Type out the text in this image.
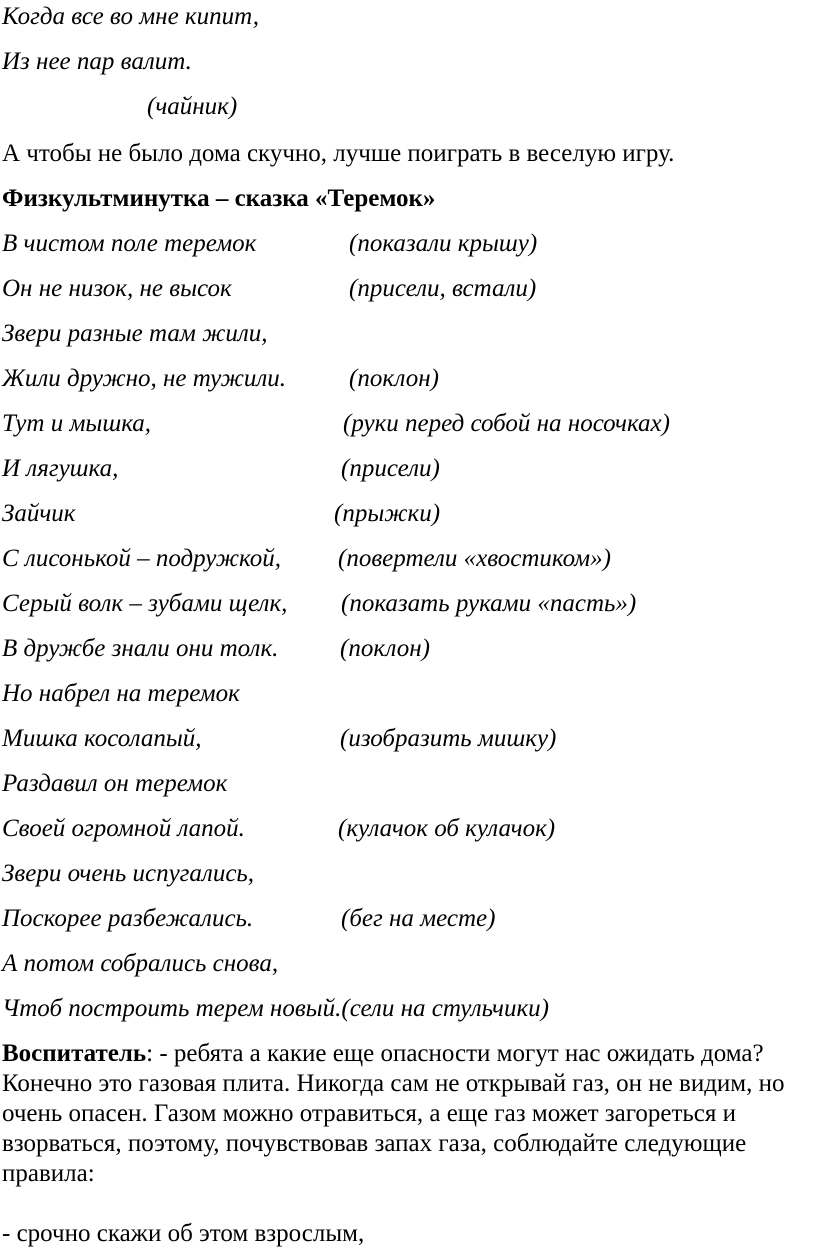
Когда все во мне кипит,
Из нее пар валит.
(чайник)
А чтобы не было дома скучно, лучше поиграть в веселую игру.
Физкультминутка – сказка «Теремок»
В чистом поле теремок	(показали крышу)
Он не низок, не высок	(присели, встали)
Звери разные там жили,
Жили дружно, не тужили.	(поклон)
Тут и мышка,	(руки перед собой на носочках)
И лягушка,	(присели)
Зайчик	(прыжки)
С лисонькой – подружкой, (повертели «хвостиком»)
Серый волк – зубами щелк, (показать руками «пасть»)
В дружбе знали они толк. (поклон)
Но набрел на теремок
Мишка косолапый,	(изобразить мишку)
Раздавил он теремок
Своей огромной лапой.	(кулачок об кулачок)
Звери очень испугались,
Поскорее разбежались.	(бег на месте)
А потом собрались снова,
Чтоб построить терем новый.(сели на стульчики)
Воспитатель: - ребята а какие еще опасности могут нас ожидать дома? Конечно это газовая плита. Никогда сам не открывай газ, он не видим, но очень опасен. Газом можно отравиться, а еще газ может загореться и взорваться, поэтому, почувствовав запах газа, соблюдайте следующие правила:
- срочно скажи об этом взрослым,
